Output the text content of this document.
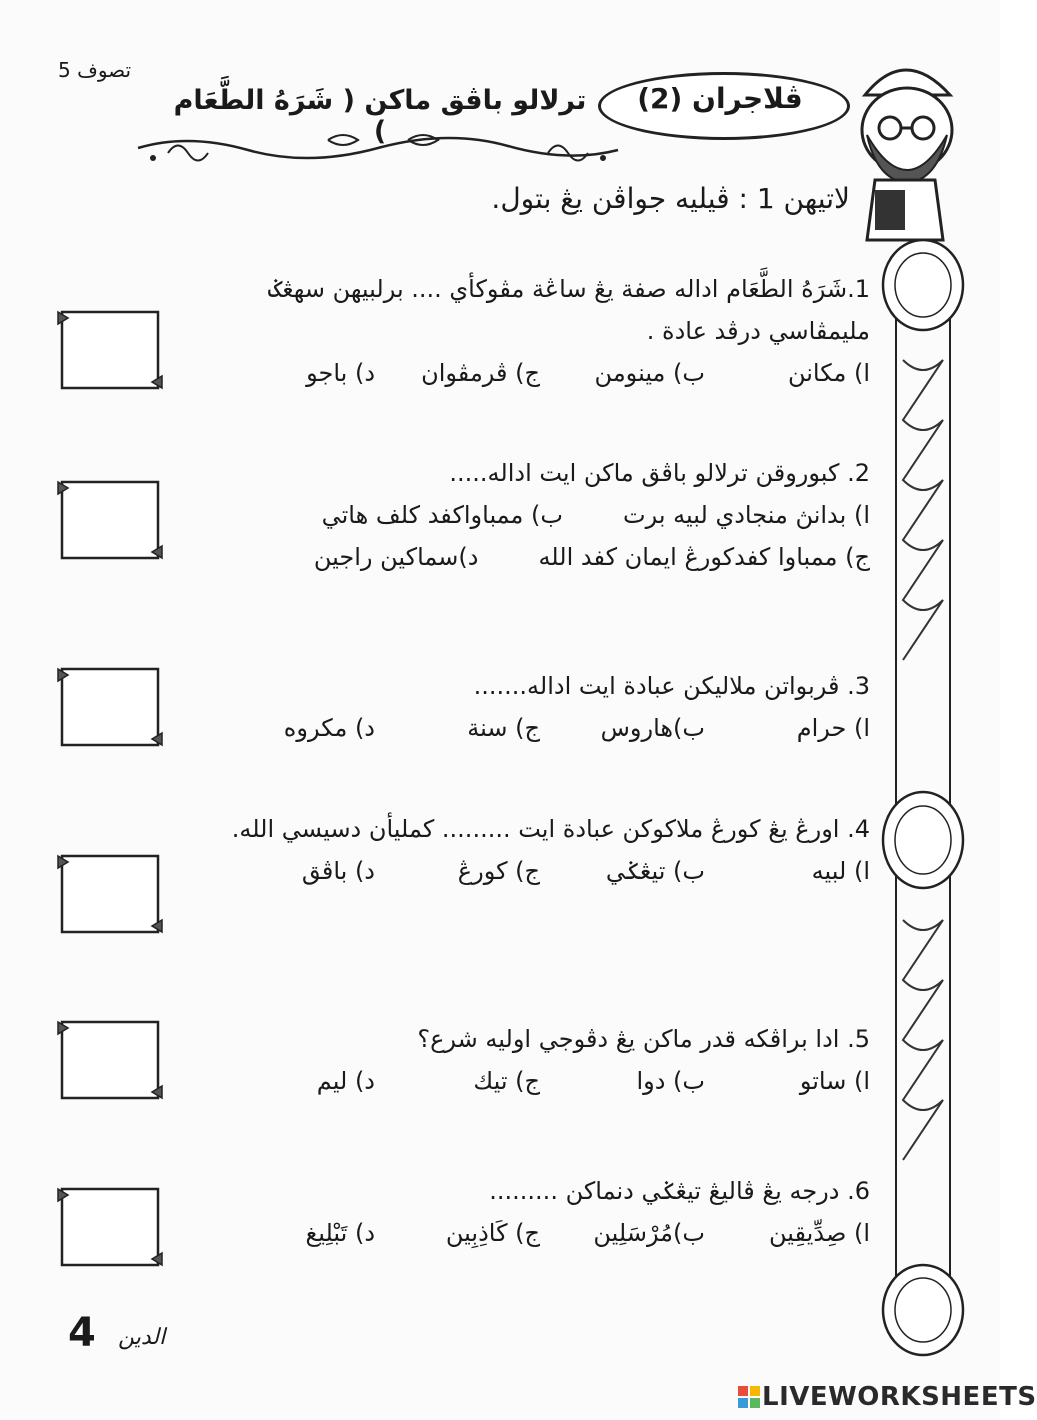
تصوف 5
ڤلاجران (2)
ترلالو باڤق ماكن ( شَرَهُ الطَّعَام )
لاتيهن 1 : ڤيليه جواڤن يڠ بتول.
1.شَرَهُ الطَّعَام اداله صفة يڠ ساڠة مڤوكأي .... برلبيهن سهڠݢ مليمڤاسي درڤد عادة .
ا) مكانن
ب) مينومن
ج) ڤرمڤوان
د) باجو
2. كبوروقن ترلالو باڤق ماكن ايت اداله.....
ا) بدانڽ منجادي لبيه برت
ب) ممباواكفد كلف هاتي
ج) ممباوا كفدكورڠ ايمان كفد الله
د)سماكين راجين
3. ڤربواتن ملاليكن عبادة ايت اداله.......
ا) حرام
ب)هاروس
ج) سنة
د) مكروه
4. اورڠ يڠ كورڠ ملاكوكن عبادة ايت ......... كمليأن دسيسي الله.
ا) لبيه
ب) تيڠݢي
ج) كورڠ
د) باڤق
5. ادا براڤكه قدر ماكن يڠ دڤوجي اوليه شرع؟
ا) ساتو
ب) دوا
ج) تيك
د) ليم
6. درجه يڠ ڤاليڠ تيڠݢي دنماكن .........
ا) صِدِّيقِين
ب)مُرْسَلِين
ج) كَاذِبِين
د) تَبْلِيغ
4 الدين
LIVEWORKSHEETS
